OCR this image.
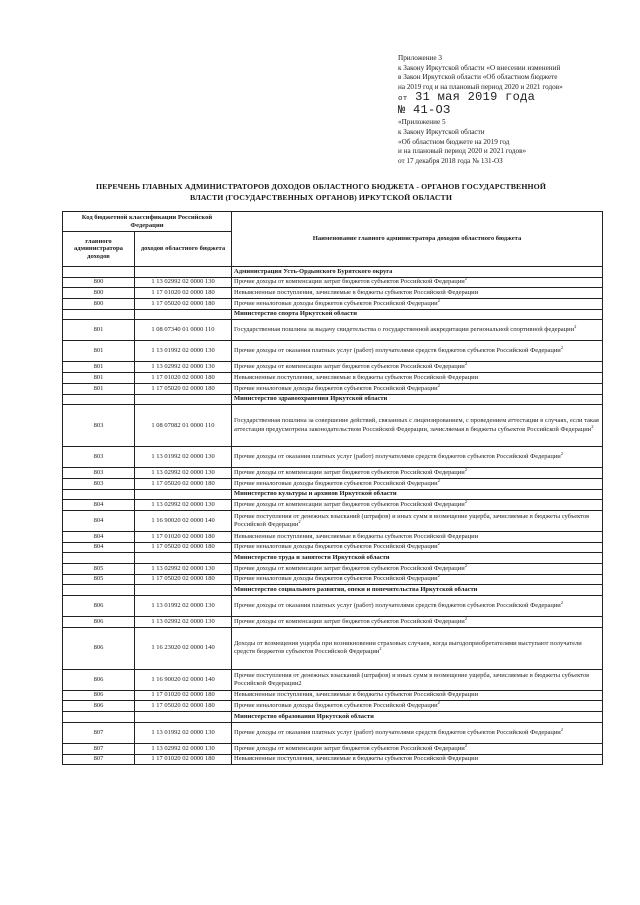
Приложение 3
к Закону Иркутской области «О внесении изменений
в Закон Иркутской области «Об областном бюджете
на 2019 год и на плановый период 2020 и 2021 годов»
от 31 мая 2019 года
№ 41-ОЗ
«Приложение 5
к Закону Иркутской области
«Об областном бюджете на 2019 год
и на плановый период 2020 и 2021 годов»
от 17 декабря 2018 года № 131-ОЗ
ПЕРЕЧЕНЬ ГЛАВНЫХ АДМИНИСТРАТОРОВ ДОХОДОВ ОБЛАСТНОГО БЮДЖЕТА - ОРГАНОВ ГОСУДАРСТВЕННОЙ
ВЛАСТИ (ГОСУДАРСТВЕННЫХ ОРГАНОВ) ИРКУТСКОЙ ОБЛАСТИ
Код бюджетной классификации Российской Федерации		Наименование главного администратора доходов областного бюджета
главного администратора доходов	доходов областного бюджета	
		Администрация Усть-Ордынского Бурятского округа
800	1 13 02992 02 0000 130	Прочие доходы от компенсации затрат бюджетов субъектов Российской Федерации$^2$
800	1 17 01020 02 0000 180	Невыясненные поступления, зачисляемые в бюджеты субъектов Российской Федерации
800	1 17 05020 02 0000 180	Прочие неналоговые доходы бюджетов субъектов Российской Федерации$^2$
		Министерство спорта Иркутской области
801	1 08 07340 01 0000 110	Государственная пошлина за выдачу свидетельства о государственной аккредитации региональной спортивной федерации$^2$
801	1 13 01992 02 0000 130	Прочие доходы от оказания платных услуг (работ) получателями средств бюджетов субъектов Российской Федерации$^2$
801	1 13 02992 02 0000 130	Прочие доходы от компенсации затрат бюджетов субъектов Российской Федерации$^2$
801	1 17 01020 02 0000 180	Невыясненные поступления, зачисляемые в бюджеты субъектов Российской Федерации
801	1 17 05020 02 0000 180	Прочие неналоговые доходы бюджетов субъектов Российской Федерации$^2$
		Министерство здравоохранения Иркутской области
803	1 08 07082 01 0000 110	Государственная пошлина за совершение действий, связанных с лицензированием, с проведением аттестации в случаях, если такая аттестация предусмотрена законодательством Российской Федерации, зачисляемая в бюджеты субъектов Российской Федерации$^2$
803	1 13 01992 02 0000 130	Прочие доходы от оказания платных услуг (работ) получателями средств бюджетов субъектов Российской Федерации$^2$
803	1 13 02992 02 0000 130	Прочие доходы от компенсации затрат бюджетов субъектов Российской Федерации$^2$
803	1 17 05020 02 0000 180	Прочие неналоговые доходы бюджетов субъектов Российской Федерации$^2$
		Министерство культуры и архивов Иркутской области
804	1 13 02992 02 0000 130	Прочие доходы от компенсации затрат бюджетов субъектов Российской Федерации$^2$
804	1 16 90020 02 0000 140	Прочие поступления от денежных взысканий (штрафов) и иных сумм в возмещение ущерба, зачисляемые в бюджеты субъектов Российской Федерации$^2$
804	1 17 01020 02 0000 180	Невыясненные поступления, зачисляемые в бюджеты субъектов Российской Федерации
804	1 17 05020 02 0000 180	Прочие неналоговые доходы бюджетов субъектов Российской Федерации$^2$
		Министерство труда и занятости Иркутской области
805	1 13 02992 02 0000 130	Прочие доходы от компенсации затрат бюджетов субъектов Российской Федерации$^2$
805	1 17 05020 02 0000 180	Прочие неналоговые доходы бюджетов субъектов Российской Федерации$^2$
		Министерство социального развития, опеки и попечительства Иркутской области
806	1 13 01992 02 0000 130	Прочие доходы от оказания платных услуг (работ) получателями средств бюджетов субъектов Российской Федерации$^2$
806	1 13 02992 02 0000 130	Прочие доходы от компенсации затрат бюджетов субъектов Российской Федерации$^2$
806	1 16 23020 02 0000 140	Доходы от возмещения ущерба при возникновении страховых случаев, когда выгодоприобретателями выступают получатели средств бюджетов субъектов Российской Федерации$^2$
806	1 16 90020 02 0000 140	Прочие поступления от денежных взысканий (штрафов) и иных сумм в возмещение ущерба, зачисляемые в бюджеты субъектов Российской Федерации2
806	1 17 01020 02 0000 180	Невыясненные поступления, зачисляемые в бюджеты субъектов Российской Федерации
806	1 17 05020 02 0000 180	Прочие неналоговые доходы бюджетов субъектов Российской Федерации$^2$
		Министерство образования Иркутской области
807	1 13 01992 02 0000 130	Прочие доходы от оказания платных услуг (работ) получателями средств бюджетов субъектов Российской Федерации$^2$
807	1 13 02992 02 0000 130	Прочие доходы от компенсации затрат бюджетов субъектов Российской Федерации$^2$
807	1 17 01020 02 0000 180	Невыясненные поступления, зачисляемые в бюджеты субъектов Российской Федерации
